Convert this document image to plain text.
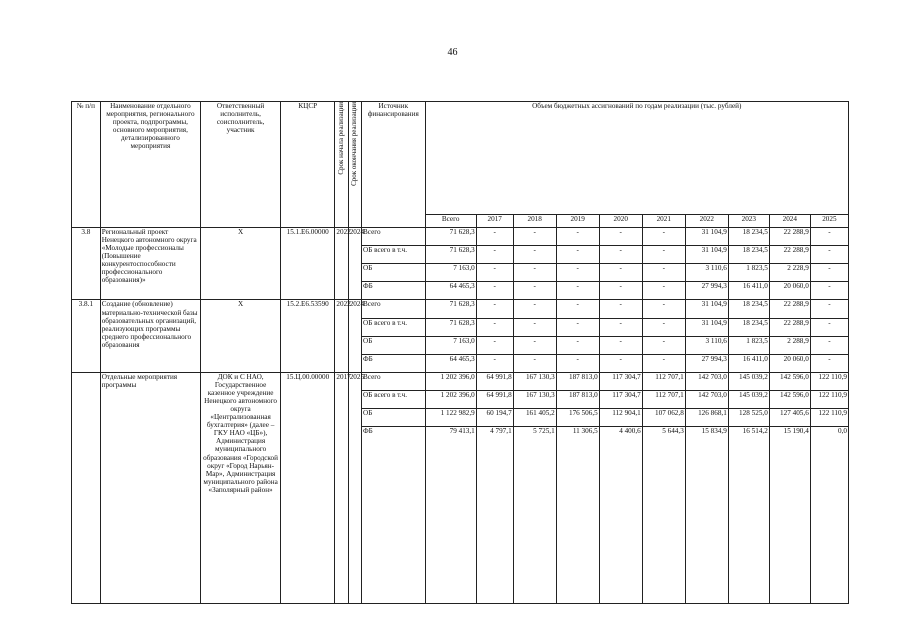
46
№ п/п	Наименование отдельного мероприятия, регионального проекта, подпрограммы, основного мероприятия, детализированного мероприятия	Ответственный исполнитель, соисполнитель, участник	КЦСР	Срок начала реализации	Срок окончания реализации	Источник финансирования	Объем бюджетных ассигнований по годам реализации (тыс. рублей)									
							Всего	2017	2018	2019	2020	2021	2022	2023	2024	2025
3.8	Региональный проект Ненецкого автономного округа «Молодые профессионалы (Повышение конкурентоспособности профессионального образования)»	Х	15.1.Е6.00000	2022	2024	Всего	71 628,3	-	-	-	-	-	31 104,9	18 234,5	22 288,9	-
						ОБ всего в т.ч.	71 628,3	-	-	-	-	-	31 104,9	18 234,5	22 288,9	-
						ОБ	7 163,0	-	-	-	-	-	3 110,6	1 823,5	2 228,9	-
						ФБ	64 465,3	-	-	-	-	-	27 994,3	16 411,0	20 060,0	-
3.8.1	Создание (обновление) материально-технической базы образовательных организаций, реализующих программы среднего профессионального образования	Х	15.2.Е6.53590	2022	2024	Всего	71 628,3	-	-	-	-	-	31 104,9	18 234,5	22 288,9	-
						ОБ всего в т.ч.	71 628,3	-	-	-	-	-	31 104,9	18 234,5	22 288,9	-
						ОБ	7 163,0	-	-	-	-	-	3 110,6	1 823,5	2 288,9	-
						ФБ	64 465,3	-	-	-	-	-	27 994,3	16 411,0	20 060,0	-
	Отдельные мероприятия программы	ДОК и С НАО, Государственное казенное учреждение Ненецкого автономного округа «Централизованная бухгалтерия» (далее – ГКУ НАО «ЦБ»), Администрация муниципального образования «Городской округ «Город Нарьян-Мар», Администрация муниципального района «Заполярный район»	15.Ц.00.00000	2017	2025	Всего	1 202 396,0	64 991,8	167 130,3	187 813,0	117 304,7	112 707,1	142 703,0	145 039,2	142 596,0	122 110,9
						ОБ всего в т.ч.	1 202 396,0	64 991,8	167 130,3	187 813,0	117 304,7	112 707,1	142 703,0	145 039,2	142 596,0	122 110,9
						ОБ	1 122 982,9	60 194,7	161 405,2	176 506,5	112 904,1	107 062,8	126 868,1	128 525,0	127 405,6	122 110,9
						ФБ	79 413,1	4 797,1	5 725,1	11 306,5	4 400,6	5 644,3	15 834,9	16 514,2	15 190,4	0,0
